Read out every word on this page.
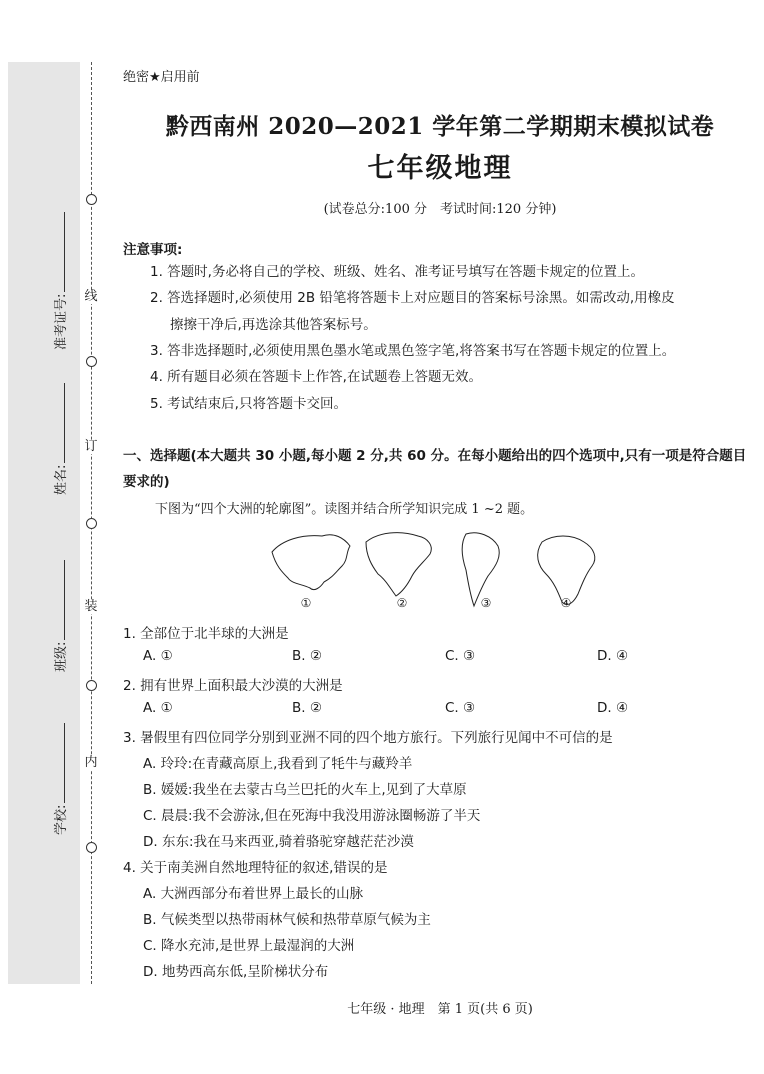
线
订
装
内
准考证号:
姓名:
班级:
学校:
绝密★启用前
黔西南州 2020—2021 学年第二学期期末模拟试卷
七年级地理
(试卷总分:100 分　考试时间:120 分钟)
注意事项:
1. 答题时,务必将自己的学校、班级、姓名、准考证号填写在答题卡规定的位置上。
2. 答选择题时,必须使用 2B 铅笔将答题卡上对应题目的答案标号涂黑。如需改动,用橡皮
擦擦干净后,再选涂其他答案标号。
3. 答非选择题时,必须使用黑色墨水笔或黑色签字笔,将答案书写在答题卡规定的位置上。
4. 所有题目必须在答题卡上作答,在试题卷上答题无效。
5. 考试结束后,只将答题卡交回。
一、选择题(本大题共 30 小题,每小题 2 分,共 60 分。在每小题给出的四个选项中,只有一项是符合题目要求的)
下图为“四个大洲的轮廓图”。读图并结合所学知识完成 1 ~2 题。
①	②	③	④
1. 全部位于北半球的大洲是
A. ①	B. ②	C. ③	D. ④
2. 拥有世界上面积最大沙漠的大洲是
A. ①	B. ②	C. ③	D. ④
3. 暑假里有四位同学分别到亚洲不同的四个地方旅行。下列旅行见闻中不可信的是
A. 玲玲:在青藏高原上,我看到了牦牛与藏羚羊
B. 媛媛:我坐在去蒙古乌兰巴托的火车上,见到了大草原
C. 晨晨:我不会游泳,但在死海中我没用游泳圈畅游了半天
D. 东东:我在马来西亚,骑着骆驼穿越茫茫沙漠
4. 关于南美洲自然地理特征的叙述,错误的是
A. 大洲西部分布着世界上最长的山脉
B. 气候类型以热带雨林气候和热带草原气候为主
C. 降水充沛,是世界上最湿润的大洲
D. 地势西高东低,呈阶梯状分布
七年级 · 地理　第 1 页(共 6 页)
